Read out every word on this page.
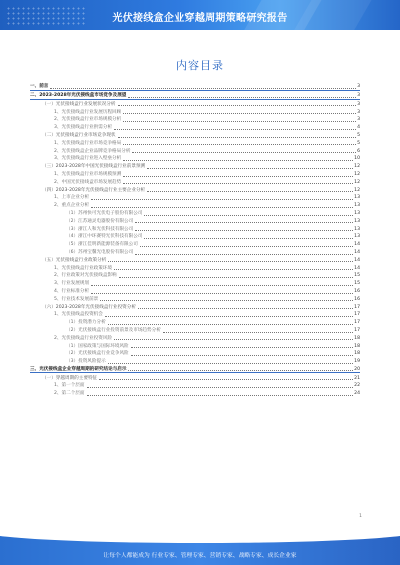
光伏接线盒企业穿越周期策略研究报告
内容目录
一、前言	3
二、2023-2028年光伏接线盒市场竞争及展望	3
（一）光伏接线盒行业发展状况分析	3
1、光伏接线盒行业发展历程回顾	3
2、光伏接线盒行业市场规模分析	3
3、光伏接线盒行业供需分析	4
（二）光伏接线盒行业市场竞争现状	5
1、光伏接线盒行业市场竞争格局	5
2、光伏接线盒企业品牌竞争格局分析	6
3、光伏接线盒行业进入壁垒分析	10
（三）2023-2028年中国光伏接线盒行业前景预测	12
1、光伏接线盒行业市场规模预测	12
2、中国光伏接线盒市场发展趋势	12
（四）2023-2028年光伏接线盒行业主要企业分析	12
1、上市企业分析	13
2、重点企业分析	13
（1）苏州快可光伏电子股份有限公司	13
（2）江苏通灵电器股份有限公司	13
（3）浙江人和光伏科技有限公司	13
（4）浙江中环赛特光伏科技有限公司	13
（5）浙江佳明新能源装备有限公司	14
（6）苏州宝馨光电股份有限公司	14
（五）光伏接线盒行业政策分析	14
1、光伏接线盒行业政策环境	14
2、行业政策对光伏接线盒影响	15
3、行业发展规划	15
4、行业标准分析	16
5、行业技术发展前景	16
（六）2023-2028年光伏接线盒行业投资分析	17
1、光伏接线盒投资机会	17
（1）投资潜力分析	17
（2）光伏接线盒行业投资前景及市场趋势分析	17
2、光伏接线盒行业投资风险	18
（1）国家政策与国际环境风险	18
（2）光伏接线盒行业竞争风险	18
（3）投资风险提示	19
三、光伏接线盒企业穿越周期的研究结论与启示	20
（一）穿越周期的主要特征	21
1、第一个层面	22
2、第二个层面	24
1
让每个人都能成为 行业专家、管理专家、营销专家、战略专家、成长企业家
